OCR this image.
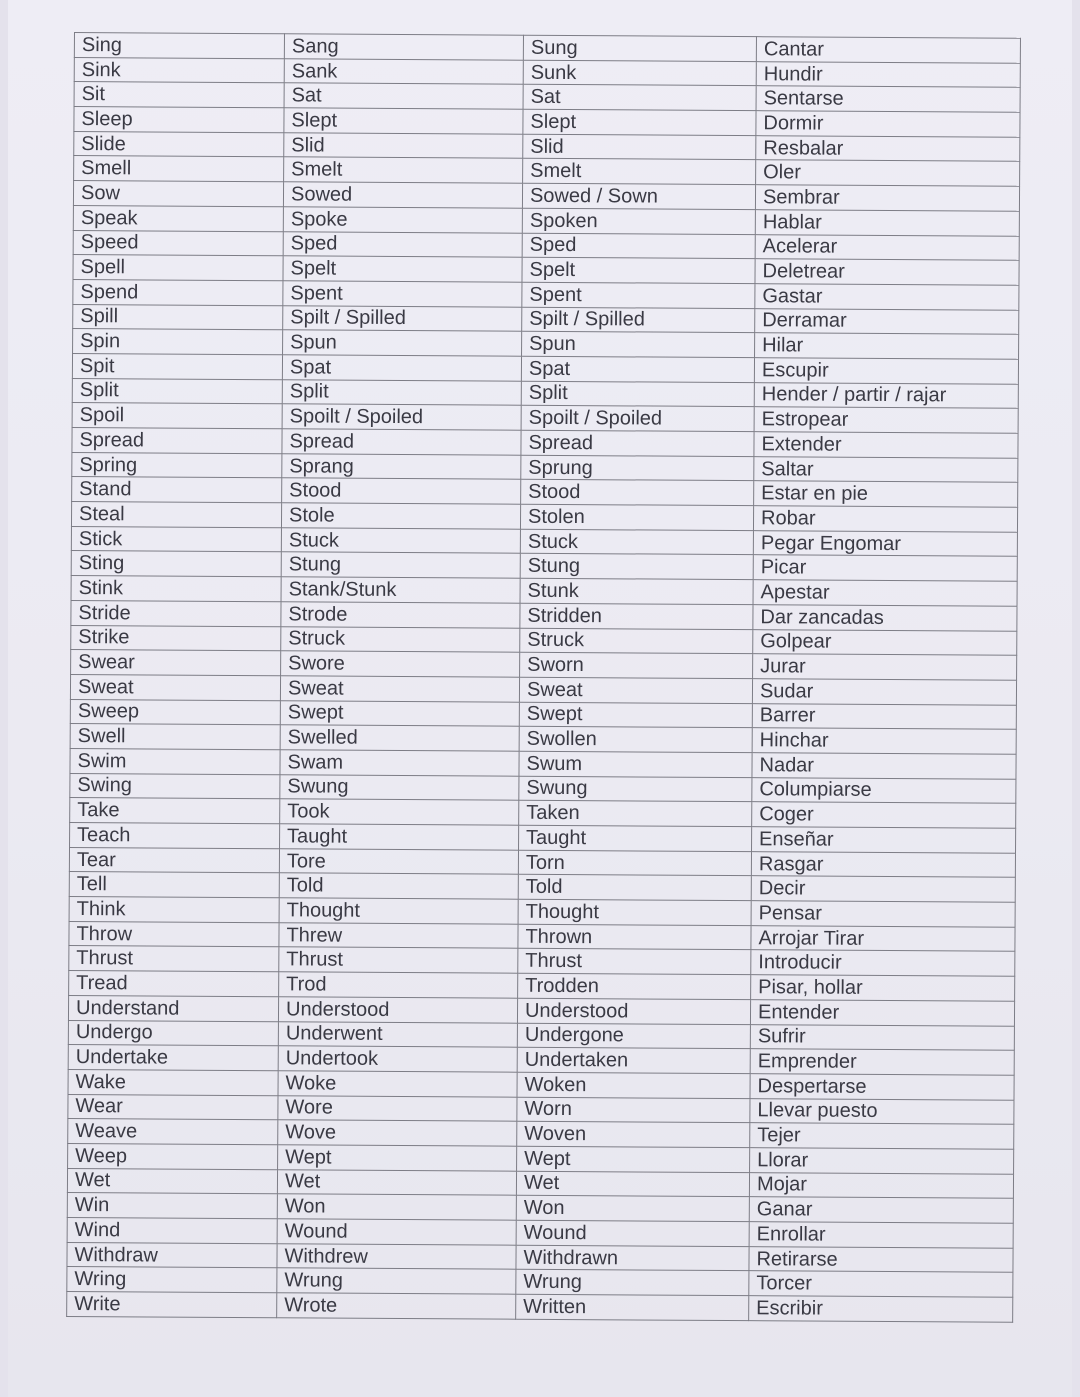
Sing	Sang	Sung	Cantar
Sink	Sank	Sunk	Hundir
Sit	Sat	Sat	Sentarse
Sleep	Slept	Slept	Dormir
Slide	Slid	Slid	Resbalar
Smell	Smelt	Smelt	Oler
Sow	Sowed	Sowed / Sown	Sembrar
Speak	Spoke	Spoken	Hablar
Speed	Sped	Sped	Acelerar
Spell	Spelt	Spelt	Deletrear
Spend	Spent	Spent	Gastar
Spill	Spilt / Spilled	Spilt / Spilled	Derramar
Spin	Spun	Spun	Hilar
Spit	Spat	Spat	Escupir
Split	Split	Split	Hender / partir / rajar
Spoil	Spoilt / Spoiled	Spoilt / Spoiled	Estropear
Spread	Spread	Spread	Extender
Spring	Sprang	Sprung	Saltar
Stand	Stood	Stood	Estar en pie
Steal	Stole	Stolen	Robar
Stick	Stuck	Stuck	Pegar Engomar
Sting	Stung	Stung	Picar
Stink	Stank/Stunk	Stunk	Apestar
Stride	Strode	Stridden	Dar zancadas
Strike	Struck	Struck	Golpear
Swear	Swore	Sworn	Jurar
Sweat	Sweat	Sweat	Sudar
Sweep	Swept	Swept	Barrer
Swell	Swelled	Swollen	Hinchar
Swim	Swam	Swum	Nadar
Swing	Swung	Swung	Columpiarse
Take	Took	Taken	Coger
Teach	Taught	Taught	Enseñar
Tear	Tore	Torn	Rasgar
Tell	Told	Told	Decir
Think	Thought	Thought	Pensar
Throw	Threw	Thrown	Arrojar Tirar
Thrust	Thrust	Thrust	Introducir
Tread	Trod	Trodden	Pisar, hollar
Understand	Understood	Understood	Entender
Undergo	Underwent	Undergone	Sufrir
Undertake	Undertook	Undertaken	Emprender
Wake	Woke	Woken	Despertarse
Wear	Wore	Worn	Llevar puesto
Weave	Wove	Woven	Tejer
Weep	Wept	Wept	Llorar
Wet	Wet	Wet	Mojar
Win	Won	Won	Ganar
Wind	Wound	Wound	Enrollar
Withdraw	Withdrew	Withdrawn	Retirarse
Wring	Wrung	Wrung	Torcer
Write	Wrote	Written	Escribir
